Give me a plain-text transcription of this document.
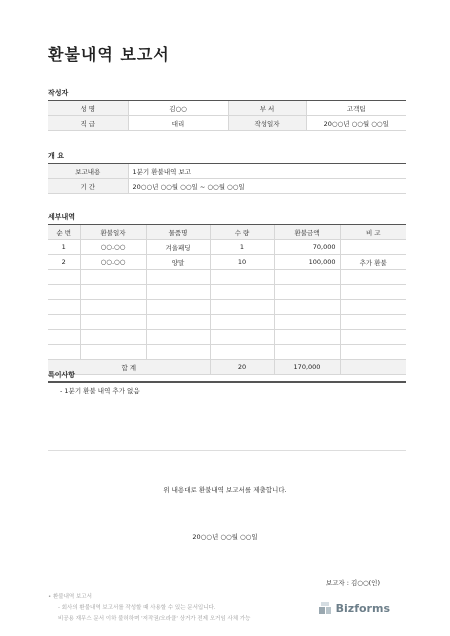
환불내역 보고서
작성자
성 명	김○○	부 서	고객팀
직 급	대리	작성일자	20○○년 ○○월 ○○일
개 요
보고내용	1분기 환불내역 보고
기 간	20○○년 ○○월 ○○일 ~ ○○월 ○○일
세부내역
순 번	환불일자	물품명	수 량	환불금액	비 고
1	○○.○○	겨울패딩	1	70,000	
2	○○.○○	양말	10	100,000	추가 환불

합 계			20	170,000	
특이사항
- 1분기 환불 내역 추가 없음
위 내용대로 환불내역 보고서를 제출합니다.
20○○년 ○○월 ○○일
보고자 : 김○○(인)
• 환불내역 보고서
- 회사의 환불내역 보고서를 작성할 때 사용할 수 있는 문서입니다.
비공용 재무스 문서 이하 불허하며 '저작권/오라클' 상거가 전제 오거임 사체 가능
Bizforms
